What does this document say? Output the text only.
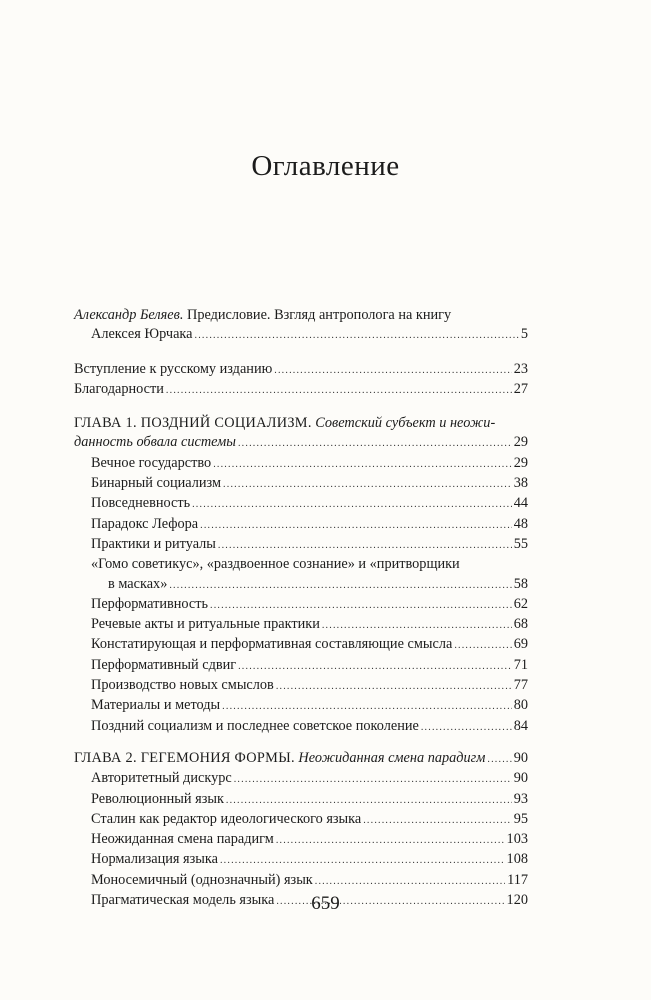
Оглавление
Александр Беляев. Предисловие. Взгляд антрополога на книгу
Алексея Юрчака .....	5
Вступление к русскому изданию .....	23
Благодарности .....	27
ГЛАВА 1. ПОЗДНИЙ СОЦИАЛИЗМ. Советский субъект и неожи-
данность обвала системы .....	29
Вечное государство .....	29
Бинарный социализм .....	38
Повседневность .....	44
Парадокс Лефора .....	48
Практики и ритуалы .....	55
«Гомо советикус», «раздвоенное сознание» и «притворщики
в масках» .....	58
Перформативность .....	62
Речевые акты и ритуальные практики .....	68
Констатирующая и перформативная составляющие смысла .....	69
Перформативный сдвиг .....	71
Производство новых смыслов .....	77
Материалы и методы .....	80
Поздний социализм и последнее советское поколение .....	84
ГЛАВА 2. ГЕГЕМОНИЯ ФОРМЫ. Неожиданная смена парадигм ..... 90
Авторитетный дискурс .....	90
Революционный язык .....	93
Сталин как редактор идеологического языка .....	95
Неожиданная смена парадигм .....	103
Нормализация языка .....	108
Моносемичный (однозначный) язык .....	117
Прагматическая модель языка .....	120
659
